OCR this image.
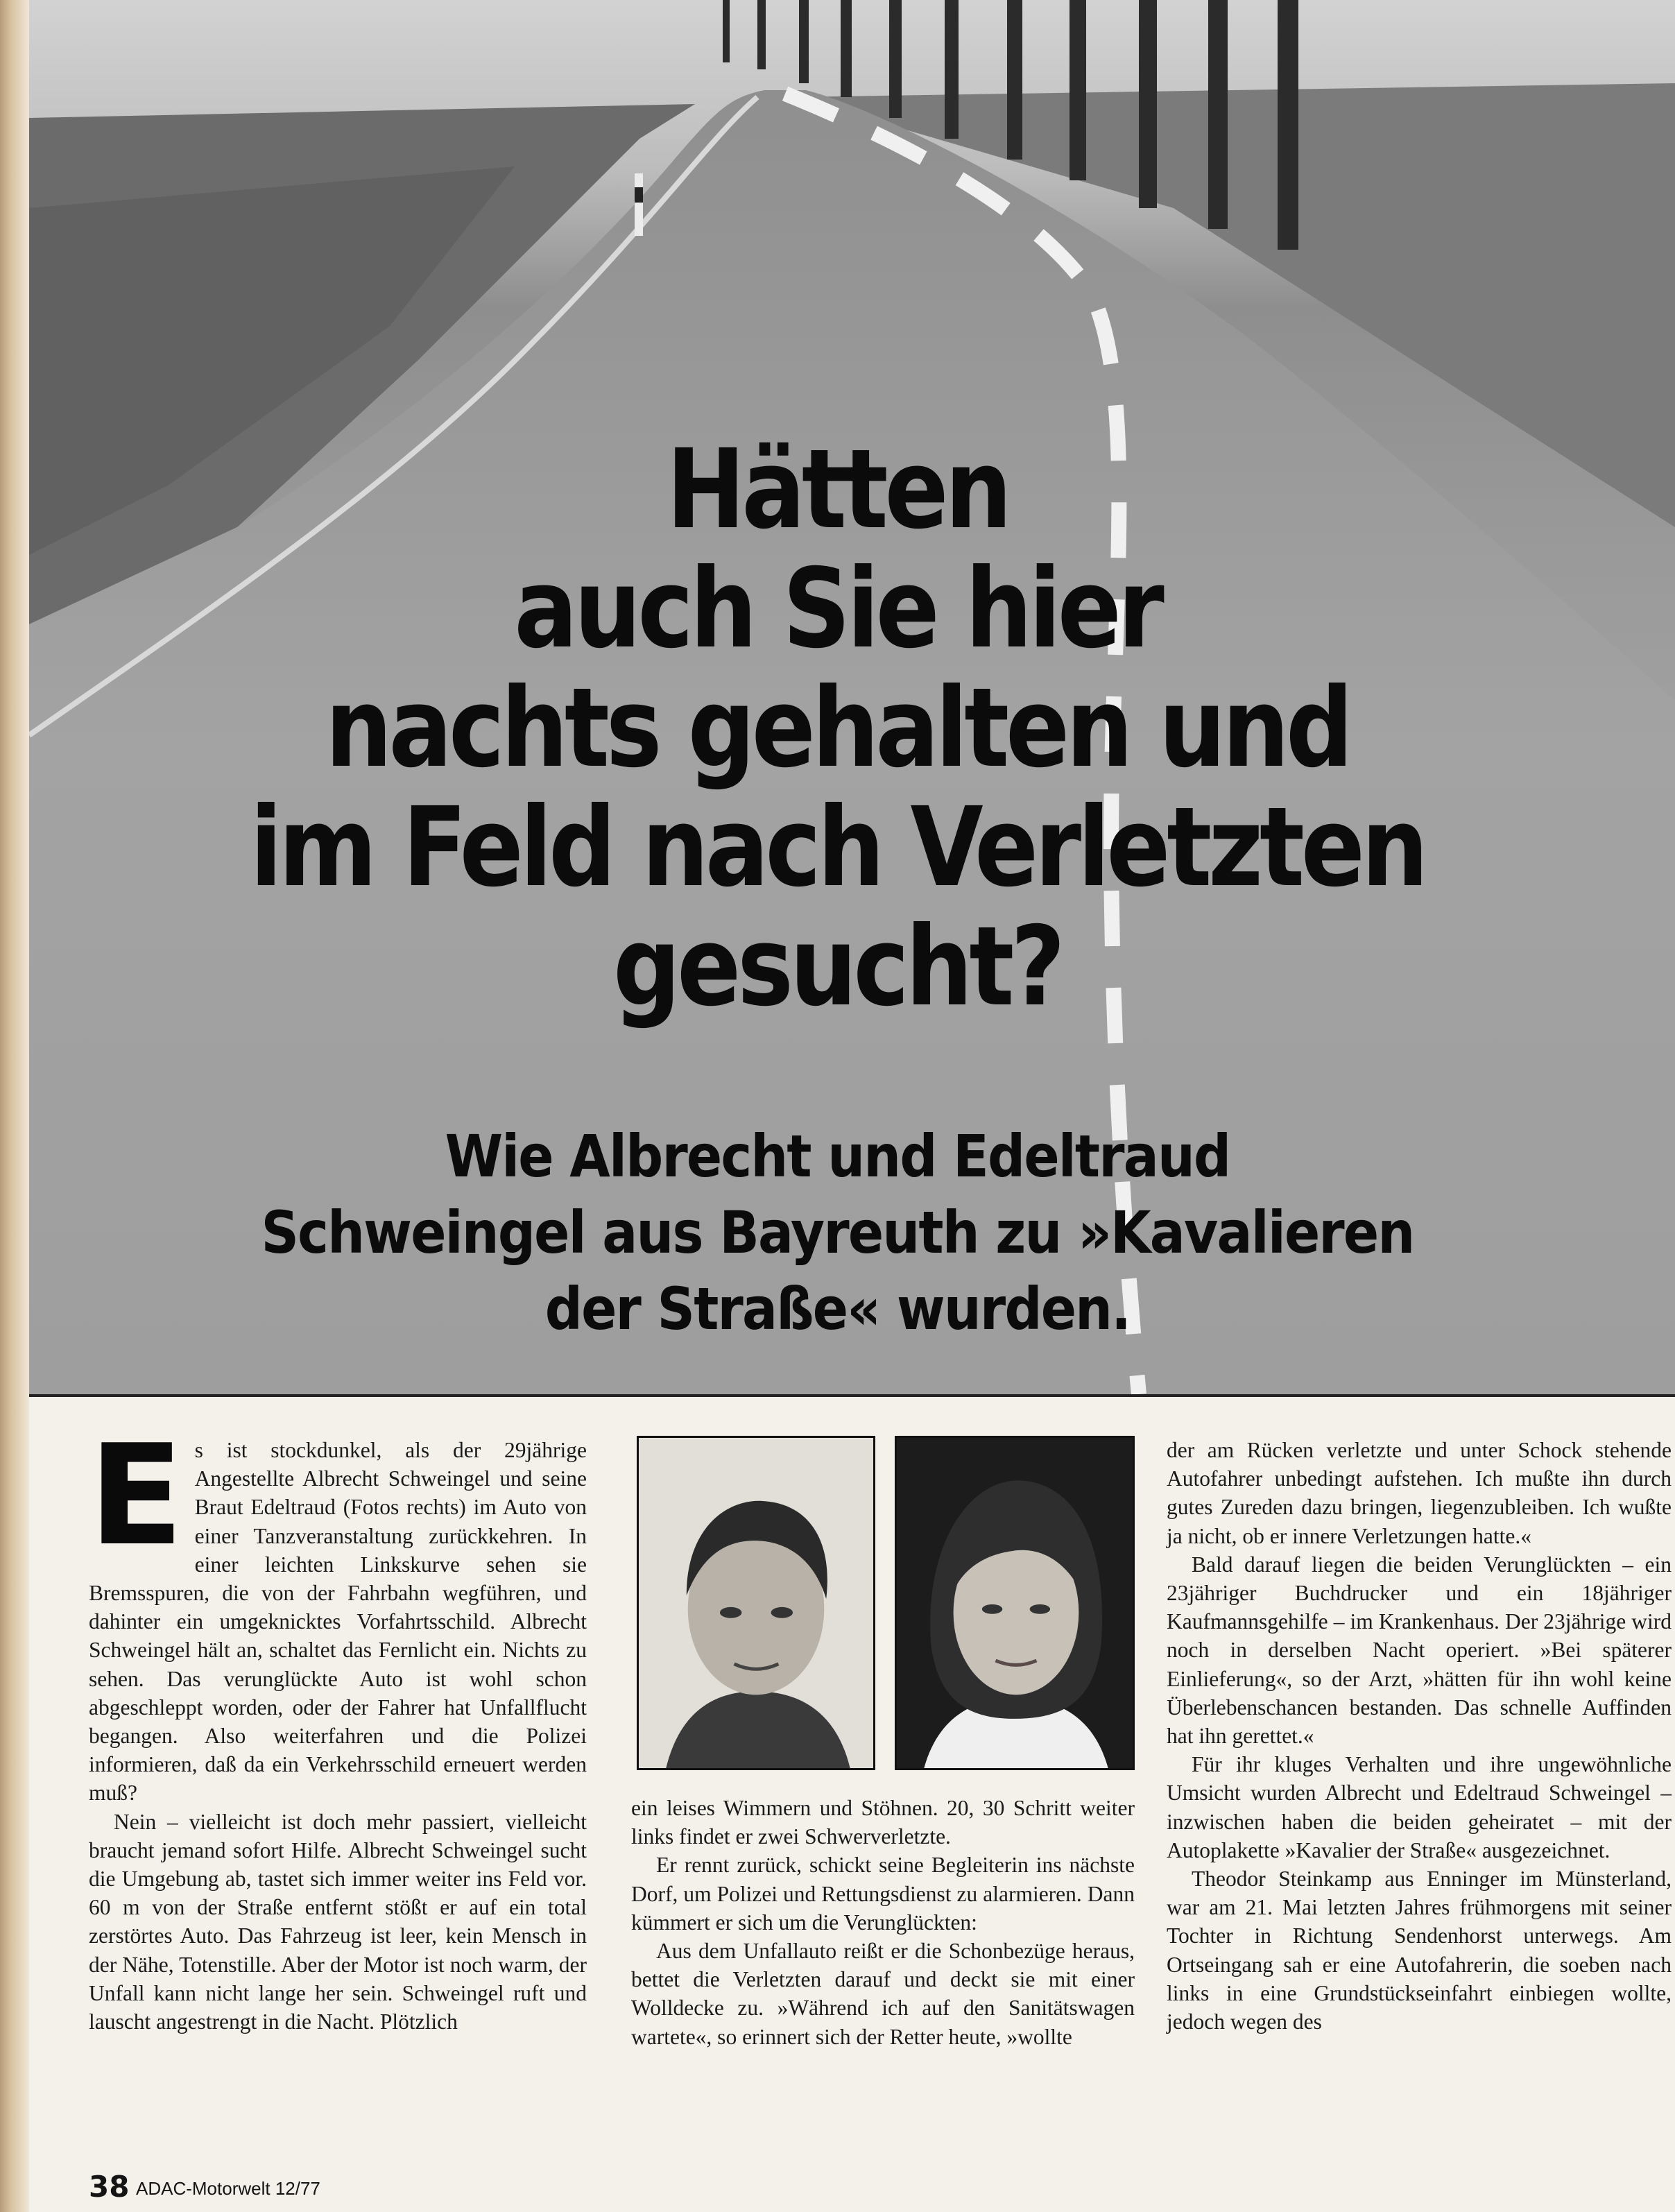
Hätten
auch Sie hier
nachts gehalten und
im Feld nach Verletzten
gesucht?
Wie Albrecht und Edeltraud
Schweingel aus Bayreuth zu »Kavalieren
der Straße« wurden.

Es ist stockdunkel, als der 29jährige Angestellte Albrecht Schweingel und seine Braut Edeltraud (Fotos rechts) im Auto von einer Tanzveranstaltung zurückkehren. In einer leichten Linkskurve sehen sie Bremsspuren, die von der Fahrbahn wegführen, und dahinter ein umgeknicktes Vorfahrtsschild. Albrecht Schweingel hält an, schaltet das Fernlicht ein. Nichts zu sehen. Das verunglückte Auto ist wohl schon abgeschleppt worden, oder der Fahrer hat Unfallflucht begangen. Also weiterfahren und die Polizei informieren, daß da ein Verkehrsschild erneuert werden muß?

Nein – vielleicht ist doch mehr passiert, vielleicht braucht jemand sofort Hilfe. Albrecht Schweingel sucht die Umgebung ab, tastet sich immer weiter ins Feld vor. 60 m von der Straße entfernt stößt er auf ein total zerstörtes Auto. Das Fahrzeug ist leer, kein Mensch in der Nähe, Totenstille. Aber der Motor ist noch warm, der Unfall kann nicht lange her sein. Schweingel ruft und lauscht angestrengt in die Nacht. Plötzlich

ein leises Wimmern und Stöhnen. 20, 30 Schritt weiter links findet er zwei Schwerverletzte.

Er rennt zurück, schickt seine Begleiterin ins nächste Dorf, um Polizei und Rettungsdienst zu alarmieren. Dann kümmert er sich um die Verunglückten:

Aus dem Unfallauto reißt er die Schonbezüge heraus, bettet die Verletzten darauf und deckt sie mit einer Wolldecke zu. »Während ich auf den Sanitätswagen wartete«, so erinnert sich der Retter heute, »wollte

der am Rücken verletzte und unter Schock stehende Autofahrer unbedingt aufstehen. Ich mußte ihn durch gutes Zureden dazu bringen, liegenzubleiben. Ich wußte ja nicht, ob er innere Verletzungen hatte.«

Bald darauf liegen die beiden Verunglückten – ein 23jähriger Buchdrucker und ein 18jähriger Kaufmannsgehilfe – im Krankenhaus. Der 23jährige wird noch in derselben Nacht operiert. »Bei späterer Einlieferung«, so der Arzt, »hätten für ihn wohl keine Überlebenschancen bestanden. Das schnelle Auffinden hat ihn gerettet.«

Für ihr kluges Verhalten und ihre ungewöhnliche Umsicht wurden Albrecht und Edeltraud Schweingel – inzwischen haben die beiden geheiratet – mit der Autoplakette »Kavalier der Straße« ausgezeichnet.

Theodor Steinkamp aus Enninger im Münsterland, war am 21. Mai letzten Jahres frühmorgens mit seiner Tochter in Richtung Sendenhorst unterwegs. Am Ortseingang sah er eine Autofahrerin, die soeben nach links in eine Grundstückseinfahrt einbiegen wollte, jedoch wegen des

38 ADAC-Motorwelt 12/77
